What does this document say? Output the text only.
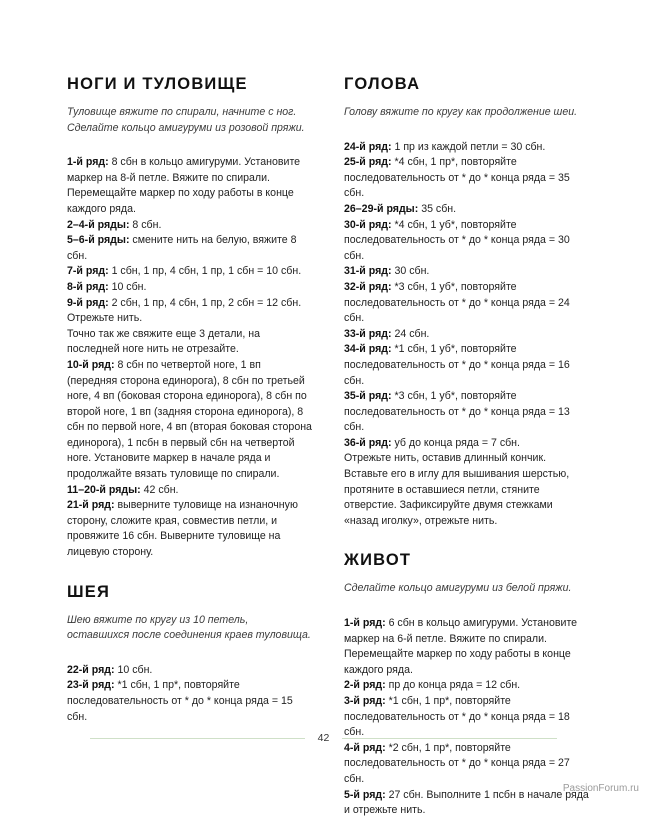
НОГИ И ТУЛОВИЩЕ

Туловище вяжите по спирали, начните с ног. Сделайте кольцо амигуруми из розовой пряжи.

1-й ряд: 8 сбн в кольцо амигуруми. Установите маркер на 8-й петле. Вяжите по спирали. Перемещайте маркер по ходу работы в конце каждого ряда.

2–4-й ряды: 8 сбн.

5–6-й ряды: смените нить на белую, вяжите 8 сбн.

7-й ряд: 1 сбн, 1 пр, 4 сбн, 1 пр, 1 сбн = 10 сбн.

8-й ряд: 10 сбн.

9-й ряд: 2 сбн, 1 пр, 4 сбн, 1 пр, 2 сбн = 12 сбн. Отрежьте нить.

Точно так же свяжите еще 3 детали, на последней ноге нить не отрезайте.

10-й ряд: 8 сбн по четвертой ноге, 1 вп (передняя сторона единорога), 8 сбн по третьей ноге, 4 вп (боковая сторона единорога), 8 сбн по второй ноге, 1 вп (задняя сторона единорога), 8 сбн по первой ноге, 4 вп (вторая боковая сторона единорога), 1 псбн в первый сбн на четвертой ноге. Установите маркер в начале ряда и продолжайте вязать туловище по спирали.

11–20-й ряды: 42 сбн.

21-й ряд: выверните туловище на изнаночную сторону, сложите края, совместив петли, и провяжите 16 сбн. Выверните туловище на лицевую сторону.

ШЕЯ

Шею вяжите по кругу из 10 петель, оставшихся после соединения краев туловища.

22-й ряд: 10 сбн.

23-й ряд: *1 сбн, 1 пр*, повторяйте последовательность от * до * конца ряда = 15 сбн.

ГОЛОВА

Голову вяжите по кругу как продолжение шеи.

24-й ряд: 1 пр из каждой петли = 30 сбн.

25-й ряд: *4 сбн, 1 пр*, повторяйте последовательность от * до * конца ряда = 35 сбн.

26–29-й ряды: 35 сбн.

30-й ряд: *4 сбн, 1 уб*, повторяйте последовательность от * до * конца ряда = 30 сбн.

31-й ряд: 30 сбн.

32-й ряд: *3 сбн, 1 уб*, повторяйте последовательность от * до * конца ряда = 24 сбн.

33-й ряд: 24 сбн.

34-й ряд: *1 сбн, 1 уб*, повторяйте последовательность от * до * конца ряда = 16 сбн.

35-й ряд: *3 сбн, 1 уб*, повторяйте последовательность от * до * конца ряда = 13 сбн.

36-й ряд: уб до конца ряда = 7 сбн.

Отрежьте нить, оставив длинный кончик. Вставьте его в иглу для вышивания шерстью, протяните в оставшиеся петли, стяните отверстие. Зафиксируйте двумя стежками «назад иголку», отрежьте нить.

ЖИВОТ

Сделайте кольцо амигуруми из белой пряжи.

1-й ряд: 6 сбн в кольцо амигуруми. Установите маркер на 6-й петле. Вяжите по спирали. Перемещайте маркер по ходу работы в конце каждого ряда.

2-й ряд: пр до конца ряда = 12 сбн.

3-й ряд: *1 сбн, 1 пр*, повторяйте последовательность от * до * конца ряда = 18 сбн.

4-й ряд: *2 сбн, 1 пр*, повторяйте последовательность от * до * конца ряда = 27 сбн.

5-й ряд: 27 сбн. Выполните 1 псбн в начале ряда и отрежьте нить.

42
PassionForum.ru
